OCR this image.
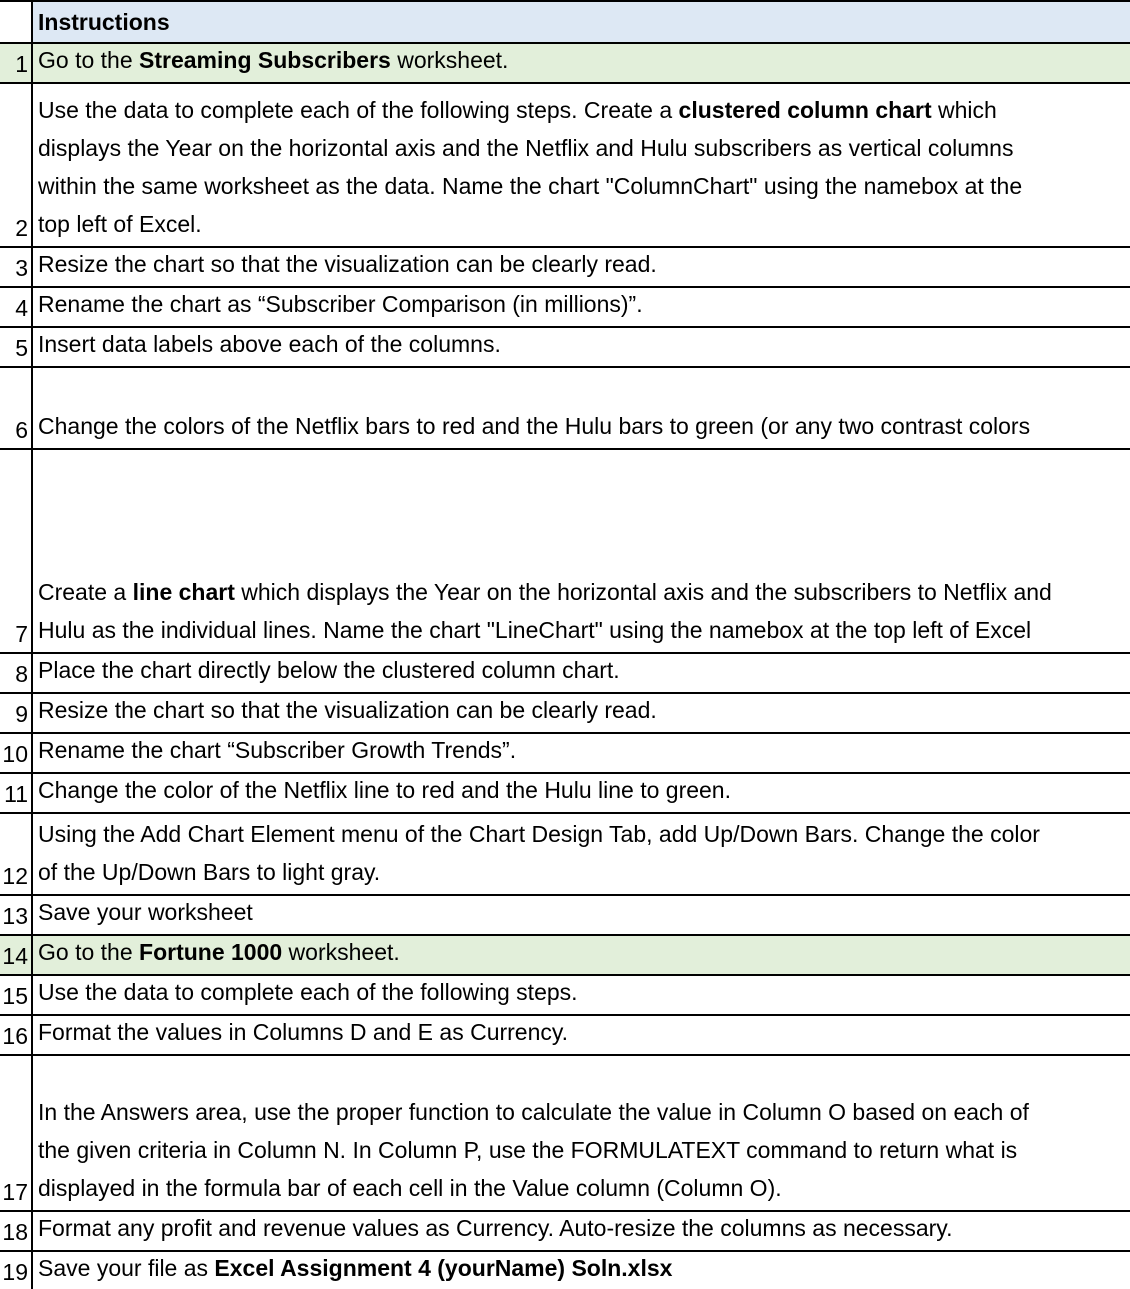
Instructions
1 Go to the Streaming Subscribers worksheet.
2
Use the data to complete each of the following steps. Create a clustered column chart which
displays the Year on the horizontal axis and the Netflix and Hulu subscribers as vertical columns
within the same worksheet as the data. Name the chart "ColumnChart" using the namebox at the
top left of Excel.
3 Resize the chart so that the visualization can be clearly read.
4 Rename the chart as “Subscriber Comparison (in millions)”.
5 Insert data labels above each of the columns.
6 Change the colors of the Netflix bars to red and the Hulu bars to green (or any two contrast colors
7
Create a line chart which displays the Year on the horizontal axis and the subscribers to Netflix and
Hulu as the individual lines. Name the chart "LineChart" using the namebox at the top left of Excel
8 Place the chart directly below the clustered column chart.
9 Resize the chart so that the visualization can be clearly read.
10 Rename the chart “Subscriber Growth Trends”.
11 Change the color of the Netflix line to red and the Hulu line to green.
12
Using the Add Chart Element menu of the Chart Design Tab, add Up/Down Bars. Change the color
of the Up/Down Bars to light gray.
13 Save your worksheet
14 Go to the Fortune 1000 worksheet.
15 Use the data to complete each of the following steps.
16 Format the values in Columns D and E as Currency.
17
In the Answers area, use the proper function to calculate the value in Column O based on each of
the given criteria in Column N. In Column P, use the FORMULATEXT command to return what is
displayed in the formula bar of each cell in the Value column (Column O).
18 Format any profit and revenue values as Currency. Auto-resize the columns as necessary.
19 Save your file as Excel Assignment 4 (yourName) Soln.xlsx
